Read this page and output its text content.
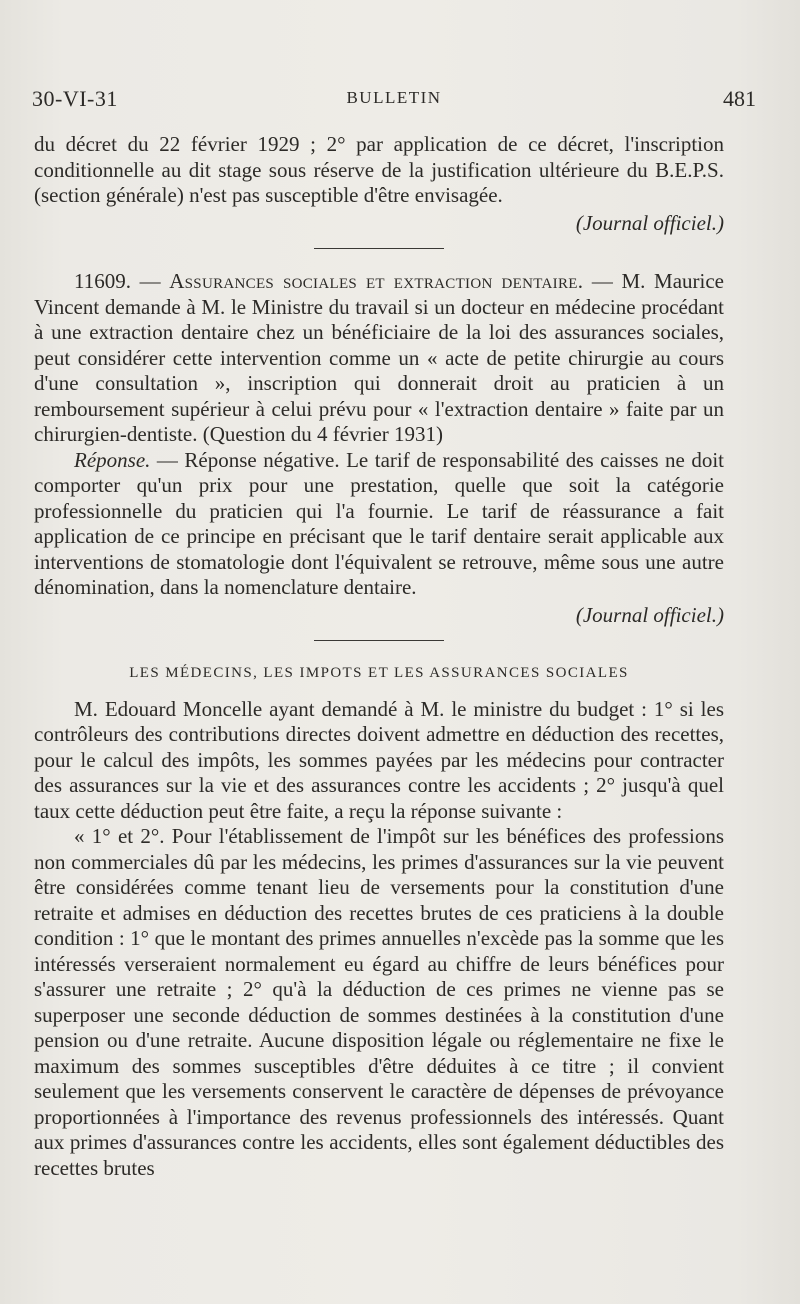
30-VI-31	BULLETIN	481

du décret du 22 février 1929 ; 2° par application de ce décret, l'inscription conditionnelle au dit stage sous réserve de la justification ultérieure du B.E.P.S. (section générale) n'est pas susceptible d'être envisagée.

(Journal officiel.)

11609. — Assurances sociales et extraction dentaire. — M. Maurice Vincent demande à M. le Ministre du travail si un docteur en médecine procédant à une extraction dentaire chez un bénéficiaire de la loi des assurances sociales, peut considérer cette intervention comme un « acte de petite chirurgie au cours d'une consultation », inscription qui donnerait droit au praticien à un remboursement supérieur à celui prévu pour « l'extraction dentaire » faite par un chirurgien-dentiste. (Question du 4 février 1931)

Réponse. — Réponse négative. Le tarif de responsabilité des caisses ne doit comporter qu'un prix pour une prestation, quelle que soit la catégorie professionnelle du praticien qui l'a fournie. Le tarif de réassurance a fait application de ce principe en précisant que le tarif dentaire serait applicable aux interventions de stomatologie dont l'équivalent se retrouve, même sous une autre dénomination, dans la nomenclature dentaire.

(Journal officiel.)

LES MÉDECINS, LES IMPOTS ET LES ASSURANCES SOCIALES

M. Edouard Moncelle ayant demandé à M. le ministre du budget : 1° si les contrôleurs des contributions directes doivent admettre en déduction des recettes, pour le calcul des impôts, les sommes payées par les médecins pour contracter des assurances sur la vie et des assurances contre les accidents ; 2° jusqu'à quel taux cette déduction peut être faite, a reçu la réponse suivante :

« 1° et 2°. Pour l'établissement de l'impôt sur les bénéfices des professions non commerciales dû par les médecins, les primes d'assurances sur la vie peuvent être considérées comme tenant lieu de versements pour la constitution d'une retraite et admises en déduction des recettes brutes de ces praticiens à la double condition : 1° que le montant des primes annuelles n'excède pas la somme que les intéressés verseraient normalement eu égard au chiffre de leurs bénéfices pour s'assurer une retraite ; 2° qu'à la déduction de ces primes ne vienne pas se superposer une seconde déduction de sommes destinées à la constitution d'une pension ou d'une retraite. Aucune disposition légale ou réglementaire ne fixe le maximum des sommes susceptibles d'être déduites à ce titre ; il convient seulement que les versements conservent le caractère de dépenses de prévoyance proportionnées à l'importance des revenus professionnels des intéressés. Quant aux primes d'assurances contre les accidents, elles sont également déductibles des recettes brutes
